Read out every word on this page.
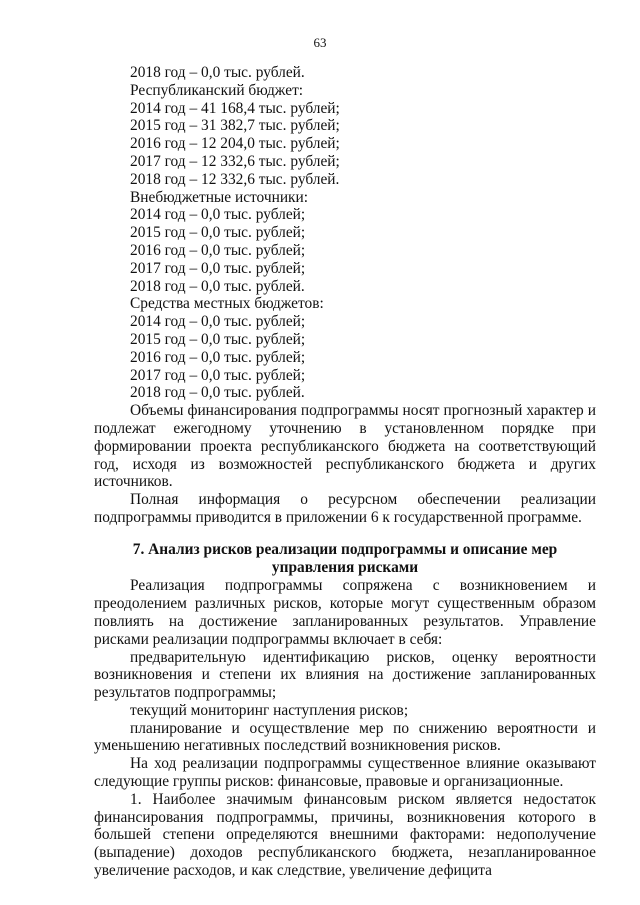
63
2018 год – 0,0 тыс. рублей.
Республиканский бюджет:
2014 год – 41 168,4 тыс. рублей;
2015 год – 31 382,7 тыс. рублей;
2016 год – 12 204,0 тыс. рублей;
2017 год – 12 332,6 тыс. рублей;
2018 год – 12 332,6 тыс. рублей.
Внебюджетные источники:
2014 год – 0,0 тыс. рублей;
2015 год – 0,0 тыс. рублей;
2016 год – 0,0 тыс. рублей;
2017 год – 0,0 тыс. рублей;
2018 год – 0,0 тыс. рублей.
Средства местных бюджетов:
2014 год – 0,0 тыс. рублей;
2015 год – 0,0 тыс. рублей;
2016 год – 0,0 тыс. рублей;
2017 год – 0,0 тыс. рублей;
2018 год – 0,0 тыс. рублей.

Объемы финансирования подпрограммы носят прогнозный характер и подлежат ежегодному уточнению в установленном порядке при формировании проекта республиканского бюджета на соответствующий год, исходя из возможностей республиканского бюджета и других источников.

Полная информация о ресурсном обеспечении реализации подпрограммы приводится в приложении 6 к государственной программе.

7. Анализ рисков реализации подпрограммы и описание мер управления рисками

Реализация подпрограммы сопряжена с возникновением и преодолением различных рисков, которые могут существенным образом повлиять на достижение запланированных результатов. Управление рисками реализации подпрограммы включает в себя:

предварительную идентификацию рисков, оценку вероятности возникновения и степени их влияния на достижение запланированных результатов подпрограммы;

текущий мониторинг наступления рисков;

планирование и осуществление мер по снижению вероятности и уменьшению негативных последствий возникновения рисков.

На ход реализации подпрограммы существенное влияние оказывают следующие группы рисков: финансовые, правовые и организационные.

1. Наиболее значимым финансовым риском является недостаток финансирования подпрограммы, причины, возникновения которого в большей степени определяются внешними факторами: недополучение (выпадение) доходов республиканского бюджета, незапланированное увеличение расходов, и как следствие, увеличение дефицита
